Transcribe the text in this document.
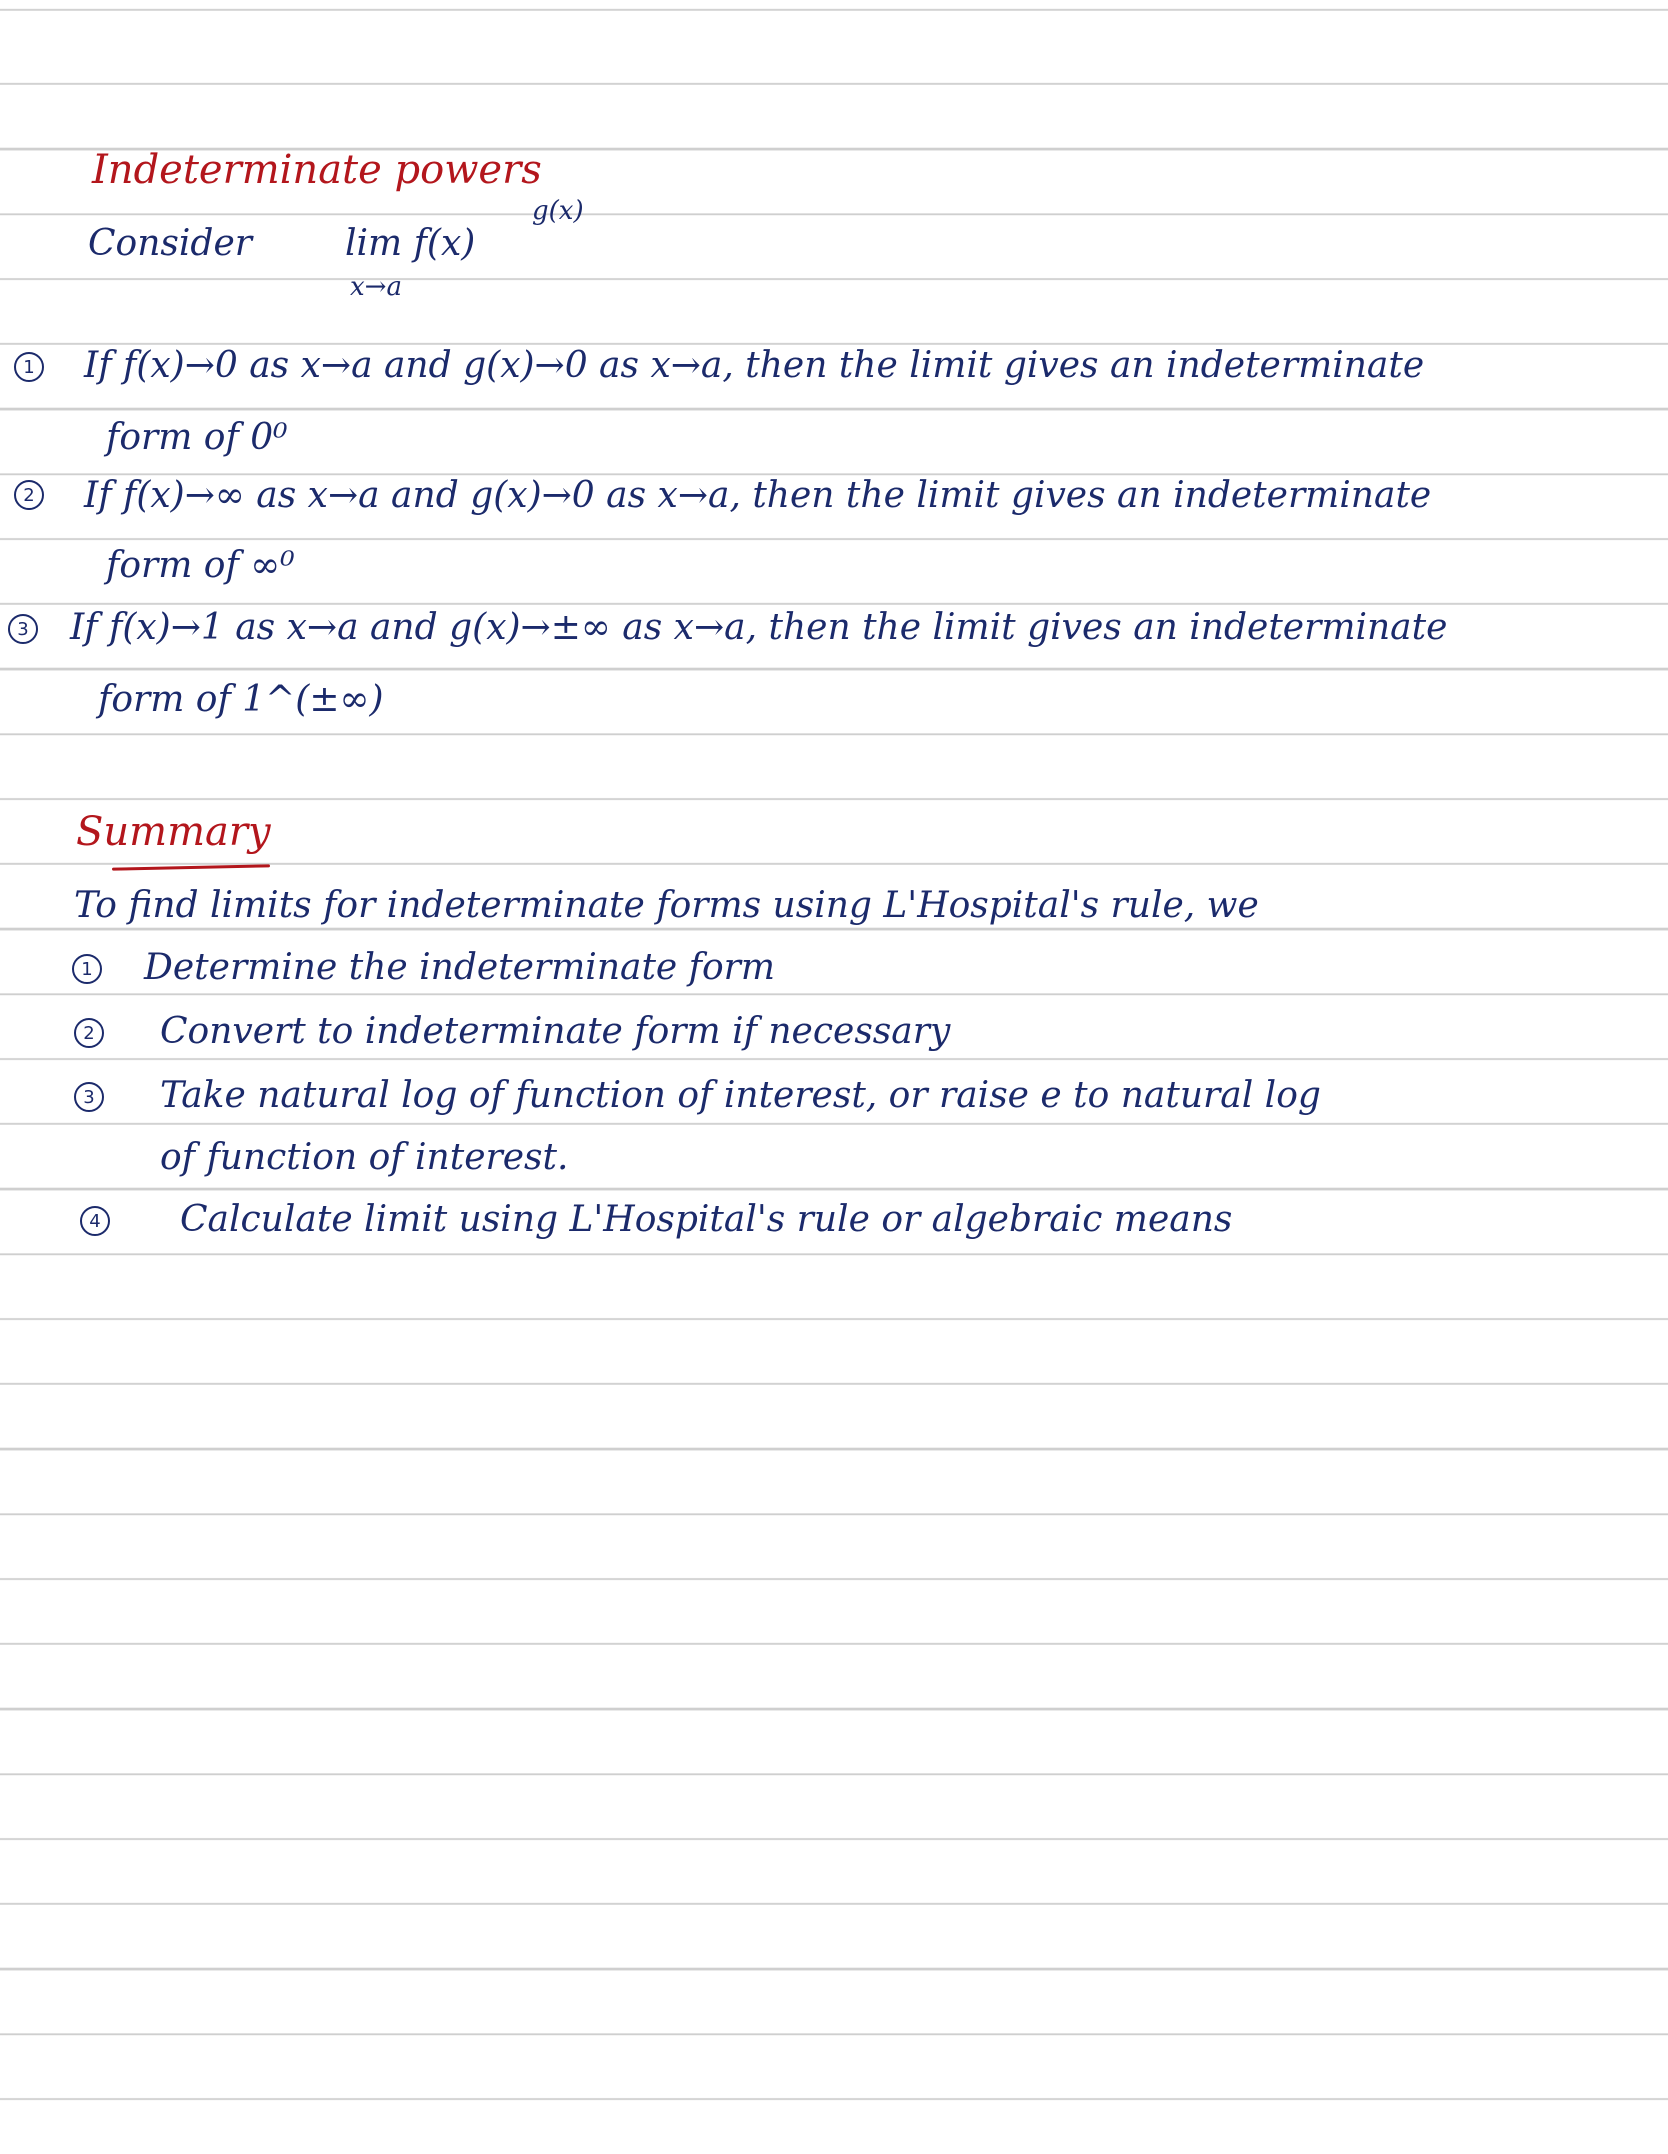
Indeterminate powers
Consider	lim f(x)
g(x)
x→a
1 If f(x)→0 as x→a and g(x)→0 as x→a, then the limit gives an indeterminate
form of 0⁰
2 If f(x)→∞ as x→a and g(x)→0 as x→a, then the limit gives an indeterminate
form of ∞⁰
3 If f(x)→1 as x→a and g(x)→±∞ as x→a, then the limit gives an indeterminate
form of 1^(±∞)
Summary
To find limits for indeterminate forms using L'Hospital's rule, we
1 Determine the indeterminate form
2 Convert to indeterminate form if necessary
3 Take natural log of function of interest, or raise e to natural log
of function of interest.
4 Calculate limit using L'Hospital's rule or algebraic means
